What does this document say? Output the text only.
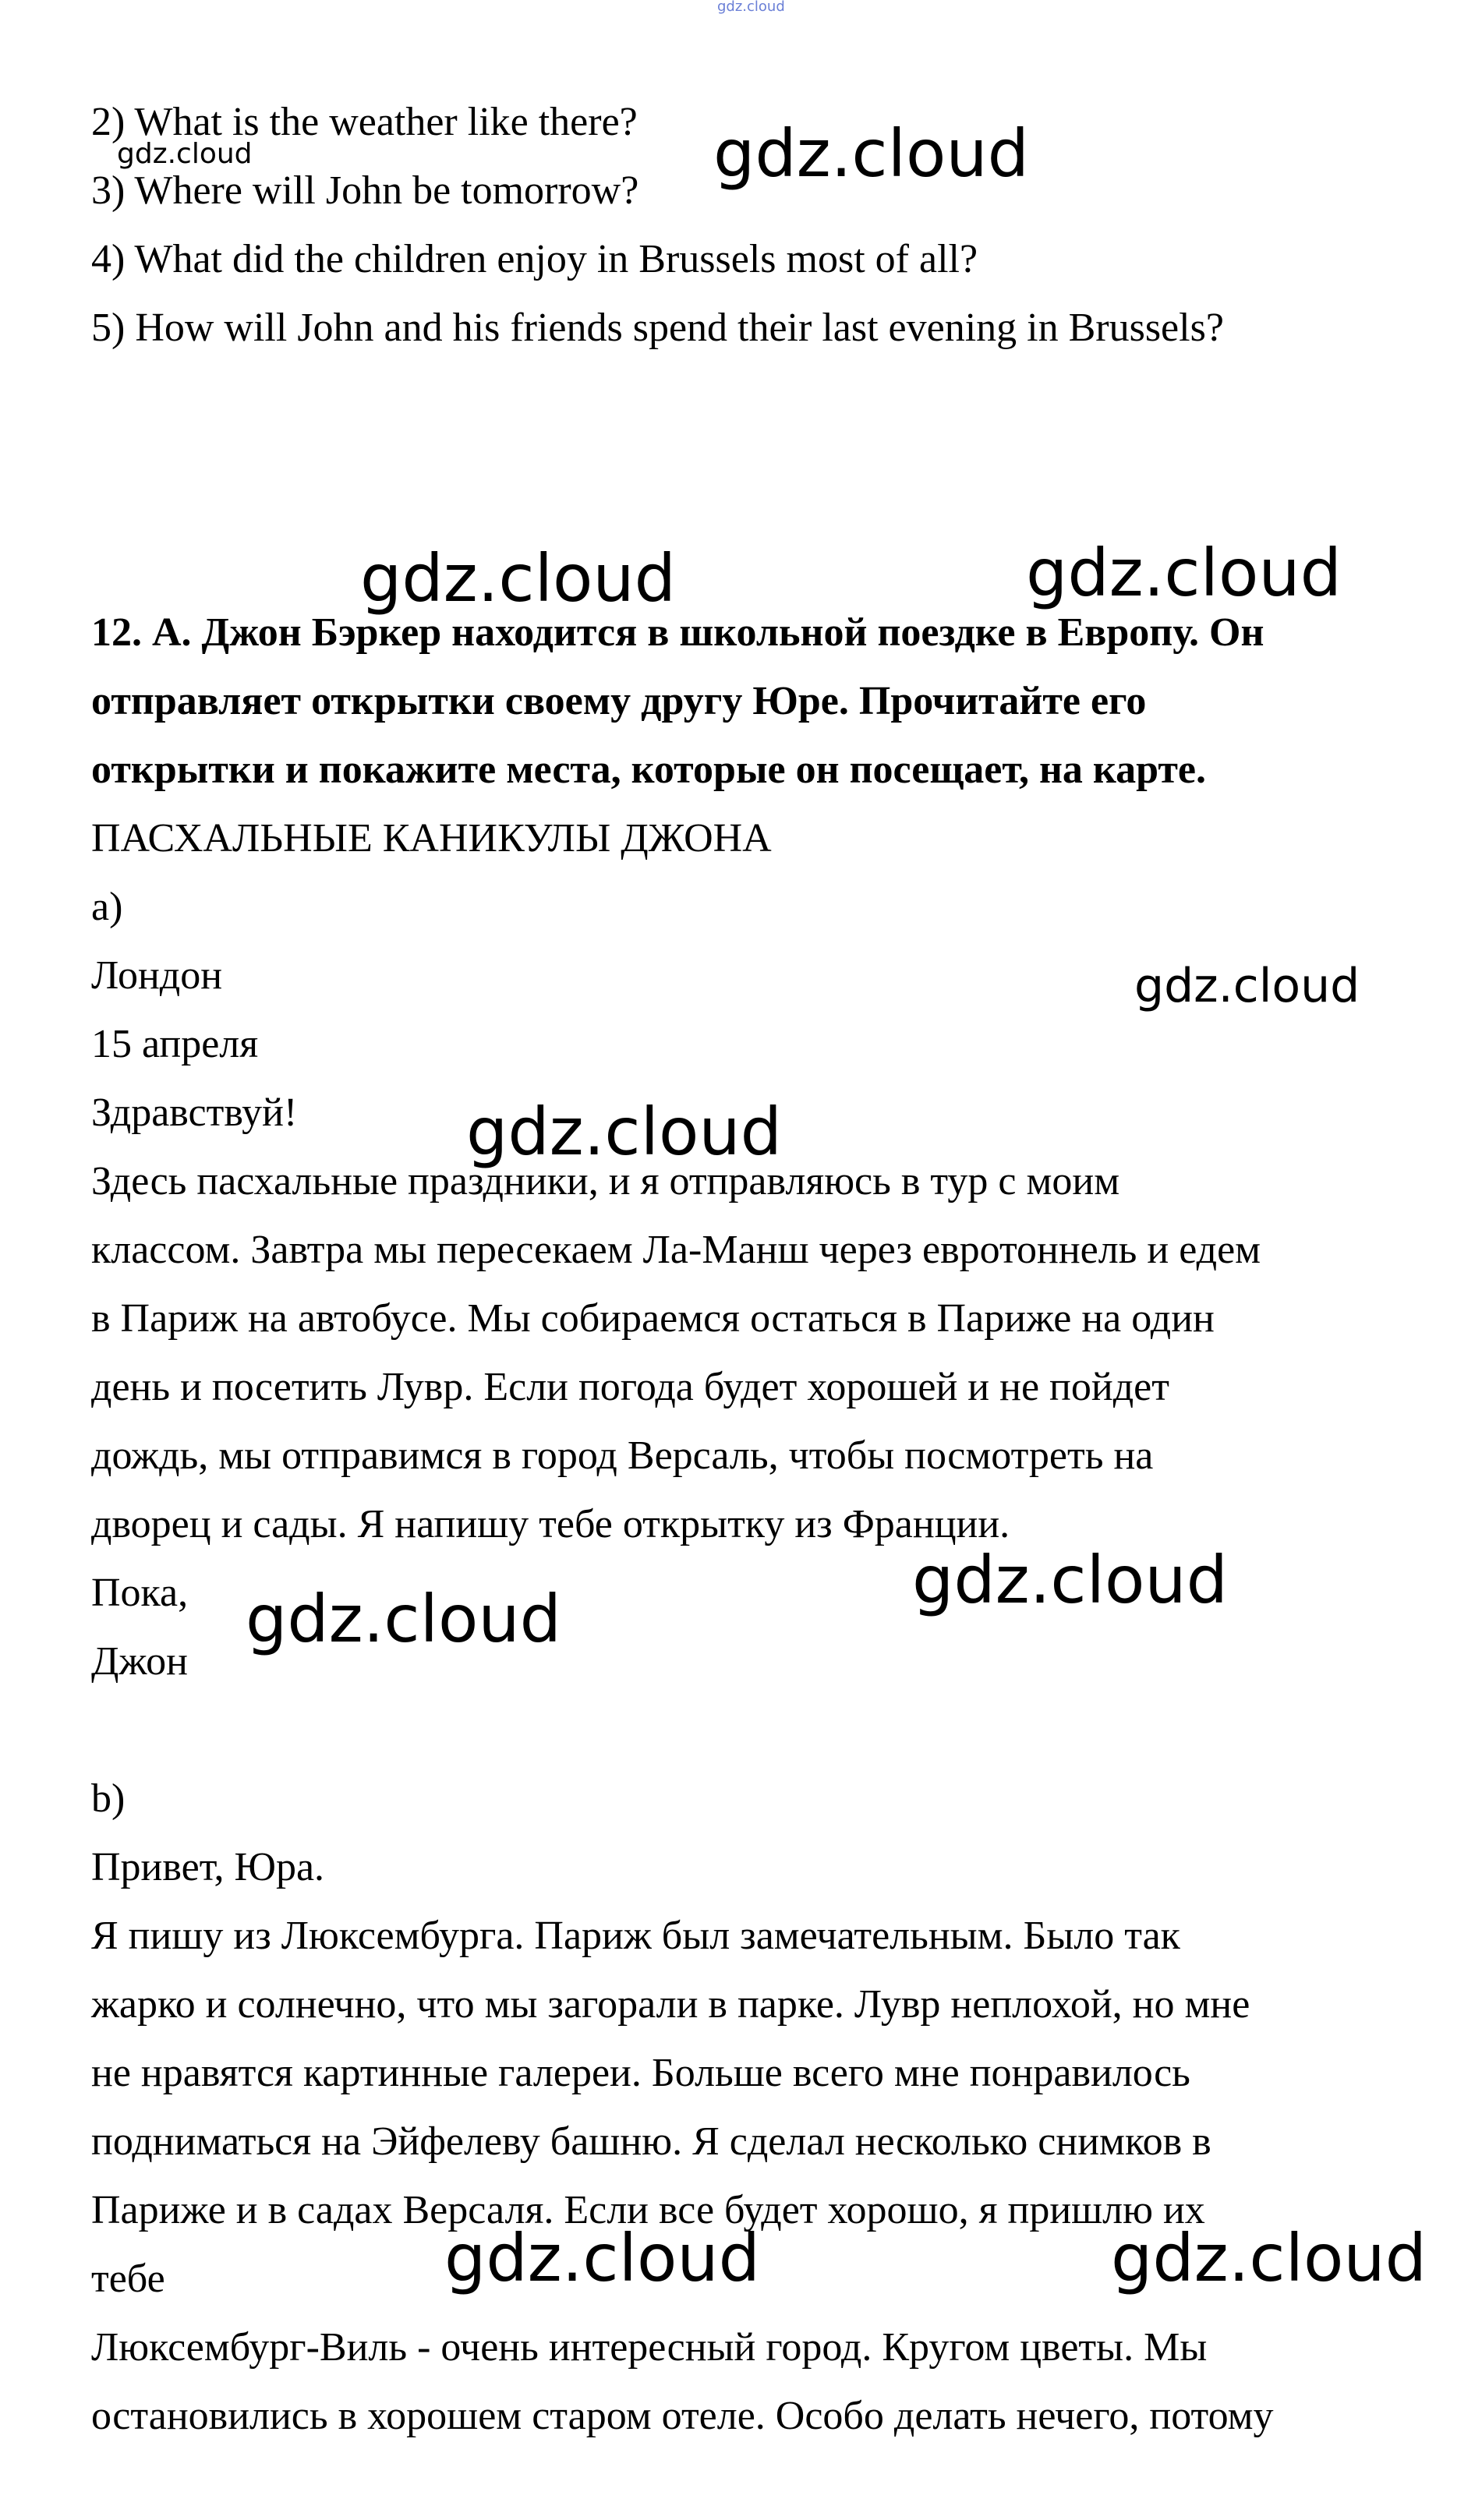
2) What is the weather like there?
3) Where will John be tomorrow?
4) What did the children enjoy in Brussels most of all?
5) How will John and his friends spend their last evening in Brussels?
12. А. Джон Бэркер находится в школьной поездке в Европу. Он
отправляет открытки своему другу Юре. Прочитайте его
открытки и покажите места, которые он посещает, на карте.
ПАСХАЛЬНЫЕ КАНИКУЛЫ ДЖОНА
a)
Лондон
15 апреля
Здравствуй!
Здесь пасхальные праздники, и я отправляюсь в тур с моим
классом. Завтра мы пересекаем Ла-Манш через евротоннель и едем
в Париж на автобусе. Мы собираемся остаться в Париже на один
день и посетить Лувр. Если погода будет хорошей и не пойдет
дождь, мы отправимся в город Версаль, чтобы посмотреть на
дворец и сады. Я напишу тебе открытку из Франции.
Пока,
Джон
b)
Привет, Юра.
Я пишу из Люксембурга. Париж был замечательным. Было так
жарко и солнечно, что мы загорали в парке. Лувр неплохой, но мне
не нравятся картинные галереи. Больше всего мне понравилось
подниматься на Эйфелеву башню. Я сделал несколько снимков в
Париже и в садах Версаля. Если все будет хорошо, я пришлю их
тебе
Люксембург-Виль - очень интересный город. Кругом цветы. Мы
остановились в хорошем старом отеле. Особо делать нечего, потому
gdz.cloud
gdz.cloud	gdz.cloud
gdz.cloud	gdz.cloud
gdz.cloud
gdz.cloud
gdz.cloud
gdz.cloud
gdz.cloud	gdz.cloud
